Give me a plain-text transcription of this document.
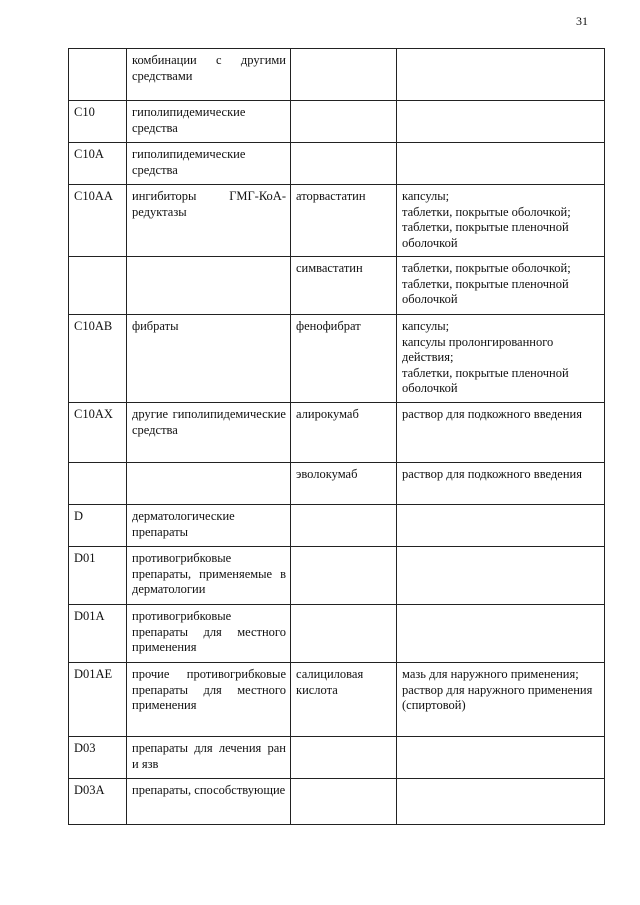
31
	комбинации с другими средствами		
C10	гиполипидемические средства		
C10A	гиполипидемические средства		
C10AA	ингибиторы ГМГ-КоА-редуктазы	аторвастатин	капсулы;
таблетки, покрытые оболочкой;
таблетки, покрытые пленочной оболочкой
		симвастатин	таблетки, покрытые оболочкой;
таблетки, покрытые пленочной оболочкой
C10AB	фибраты	фенофибрат	капсулы;
капсулы пролонгированного действия;
таблетки, покрытые пленочной оболочкой
C10AX	другие гиполипидемические средства	алирокумаб	раствор для подкожного введения
		эволокумаб	раствор для подкожного введения
D	дерматологические препараты		
D01	противогрибковые препараты, применяемые в дерматологии		
D01A	противогрибковые препараты для местного применения		
D01AE	прочие противогрибковые препараты для местного применения	салициловая кислота	мазь для наружного применения;
раствор для наружного применения (спиртовой)
D03	препараты для лечения ран и язв		
D03A	препараты, способствующие		
